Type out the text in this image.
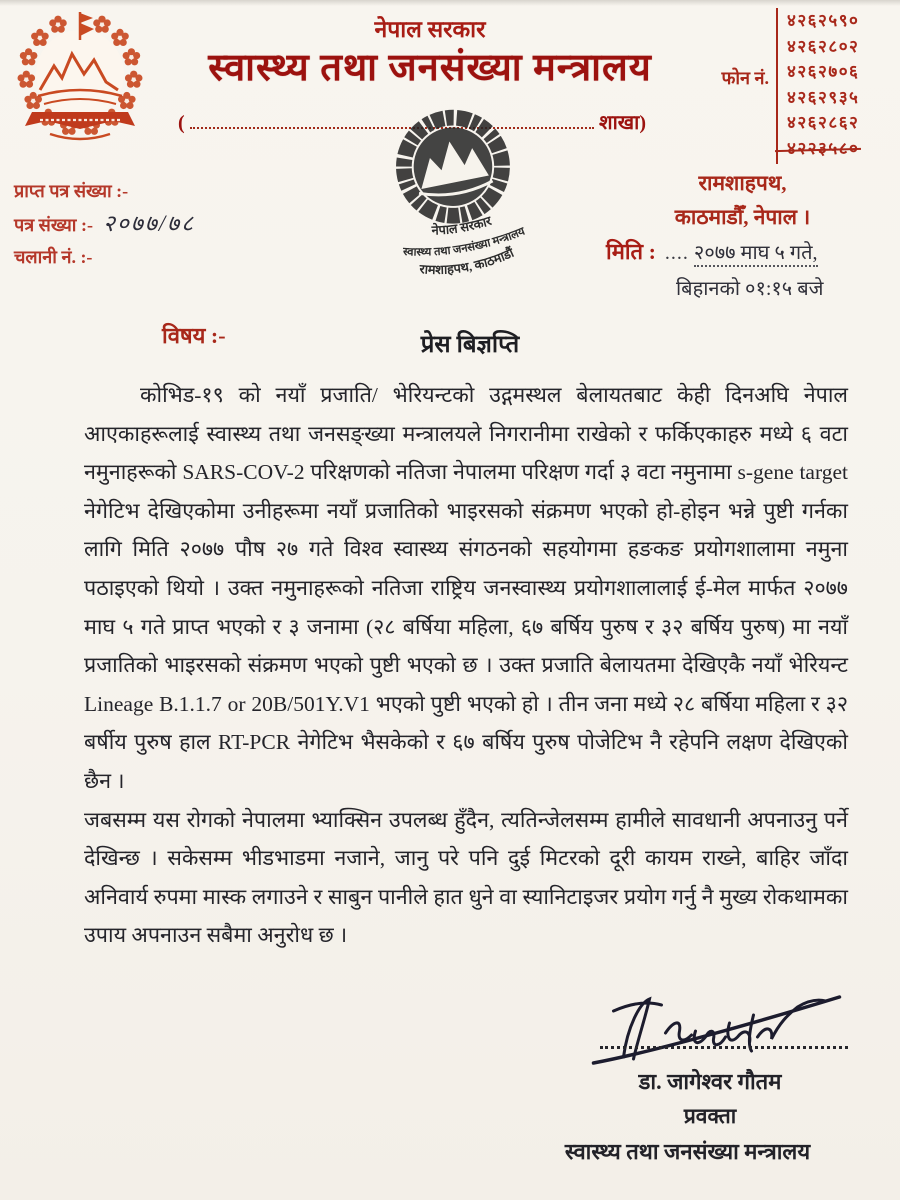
नेपाल सरकार
स्वास्थ्य तथा जनसंख्या मन्त्रालय
(	शाखा)
फोन नं.
४२६२५९०
४२६२८०२
४२६२७०६
४२६२९३५
४२६२८६२
४२२३५८०
प्राप्त पत्र संख्या :-
पत्र संख्या :- २०७७/७८
चलानी नं. :-
रामशाहपथ,
काठमाडौँ, नेपाल ।
मिति : .... २०७७ माघ ५ गते,
बिहानको ०१:१५ बजे
नेपाल सरकार
स्वास्थ्य तथा जनसंख्या मन्त्रालय
रामशाहपथ, काठमाडौं
विषय :-	प्रेस बिज्ञप्ति

कोभिड-१९ को नयाँ प्रजाति/ भेरियन्टको उद्गमस्थल बेलायतबाट केही दिनअघि नेपाल आएकाहरूलाई स्वास्थ्य तथा जनसङ्ख्या मन्त्रालयले निगरानीमा राखेको र फर्किएकाहरु मध्ये ६ वटा नमुनाहरूको SARS-COV-2 परिक्षणको नतिजा नेपालमा परिक्षण गर्दा ३ वटा नमुनामा s-gene target नेगेटिभ देखिएकोमा उनीहरूमा नयाँ प्रजातिको भाइरसको संक्रमण भएको हो-होइन भन्ने पुष्टी गर्नका लागि मिति २०७७ पौष २७ गते विश्व स्वास्थ्य संगठनको सहयोगमा हङकङ प्रयोगशालामा नमुना पठाइएको थियो । उक्त नमुनाहरूको नतिजा राष्ट्रिय जनस्वास्थ्य प्रयोगशालालाई ई-मेल मार्फत २०७७ माघ ५ गते प्राप्त भएको र ३ जनामा (२८ बर्षिया महिला, ६७ बर्षिय पुरुष र ३२ बर्षिय पुरुष) मा नयाँ प्रजातिको भाइरसको संक्रमण भएको पुष्टी भएको छ । उक्त प्रजाति बेलायतमा देखिएकै नयाँ भेरियन्ट Lineage B.1.1.7 or 20B/501Y.V1 भएको पुष्टी भएको हो । तीन जना मध्ये २८ बर्षिया महिला र ३२ बर्षीय पुरुष हाल RT-PCR नेगेटिभ भैसकेको र ६७ बर्षिय पुरुष पोजेटिभ नै रहेपनि लक्षण देखिएको छैन ।

जबसम्म यस रोगको नेपालमा भ्याक्सिन उपलब्ध हुँदैन, त्यतिन्जेलसम्म हामीले सावधानी अपनाउनु पर्ने देखिन्छ । सकेसम्म भीडभाडमा नजाने, जानु परे पनि दुई मिटरको दूरी कायम राख्ने, बाहिर जाँदा अनिवार्य रुपमा मास्क लगाउने र साबुन पानीले हात धुने वा स्यानिटाइजर प्रयोग गर्नु नै मुख्य रोकथामका उपाय अपनाउन सबैमा अनुरोध छ ।

डा. जागेश्वर गौतम
प्रवक्ता
स्वास्थ्य तथा जनसंख्या मन्त्रालय
